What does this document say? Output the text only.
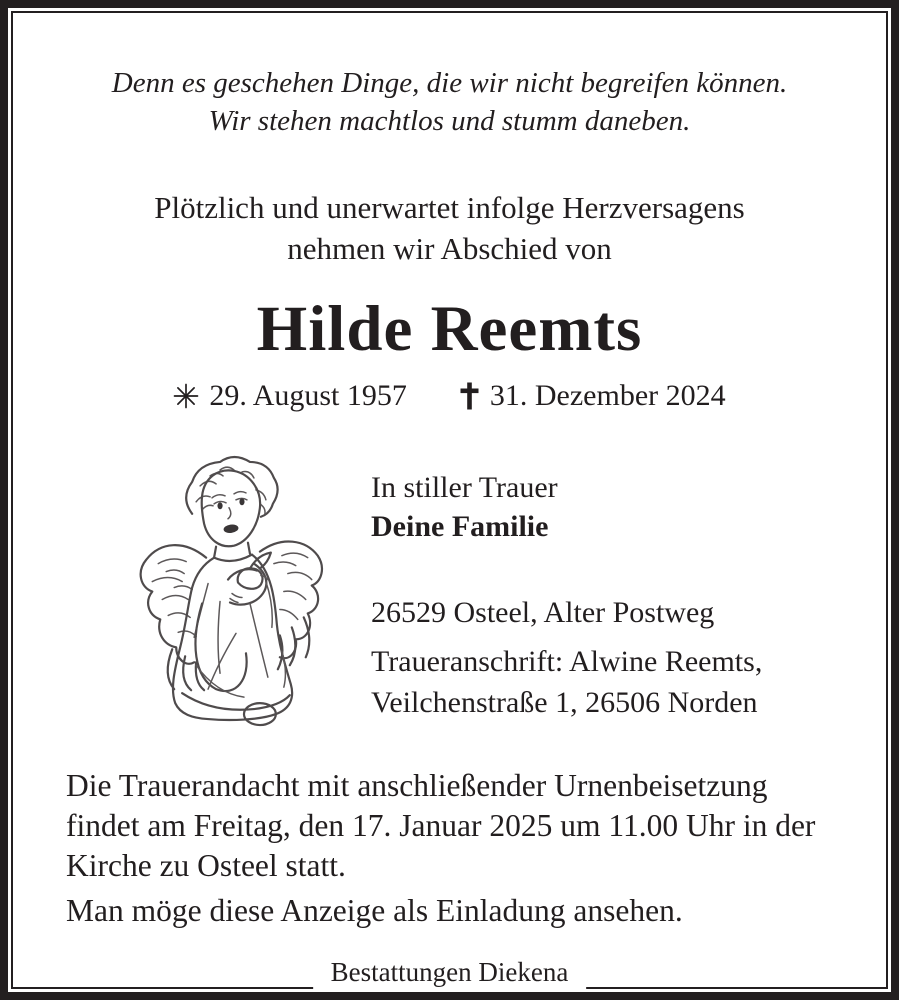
Denn es geschehen Dinge, die wir nicht begreifen können.
Wir stehen machtlos und stumm daneben.
Plötzlich und unerwartet infolge Herzversagens
nehmen wir Abschied von
Hilde Reemts
29. August 1957	31. Dezember 2024
In stiller Trauer
Deine Familie
26529 Osteel, Alter Postweg
Traueranschrift: Alwine Reemts,
Veilchenstraße 1, 26506 Norden
Die Trauerandacht mit anschließender Urnenbeisetzung
findet am Freitag, den 17. Januar 2025 um 11.00 Uhr in der
Kirche zu Osteel statt.
Man möge diese Anzeige als Einladung ansehen.
Bestattungen Diekena
